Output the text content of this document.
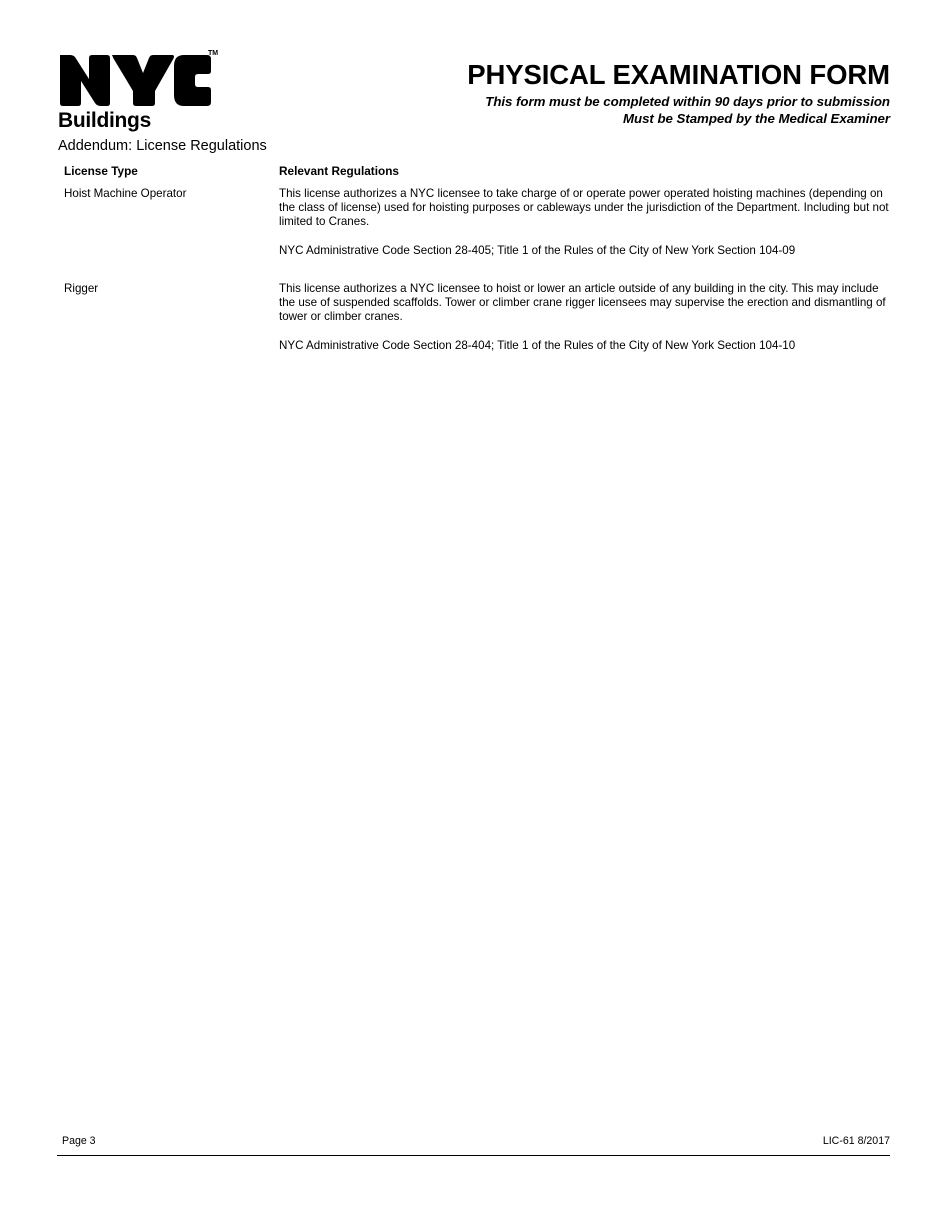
TM
Buildings
PHYSICAL EXAMINATION FORM
This form must be completed within 90 days prior to submission
Must be Stamped by the Medical Examiner
Addendum: License Regulations
License Type	Relevant Regulations
Hoist Machine Operator	This license authorizes a NYC licensee to take charge of or operate power operated hoisting machines (depending on the class of license) used for hoisting purposes or cableways under the jurisdiction of the Department. Including but not limited to Cranes.
NYC Administrative Code Section 28-405; Title 1 of the Rules of the City of New York Section 104-09
Rigger	This license authorizes a NYC licensee to hoist or lower an article outside of any building in the city. This may include the use of suspended scaffolds. Tower or climber crane rigger licensees may supervise the erection and dismantling of tower or climber cranes.
NYC Administrative Code Section 28-404; Title 1 of the Rules of the City of New York Section 104-10
Page 3	LIC-61 8/2017
